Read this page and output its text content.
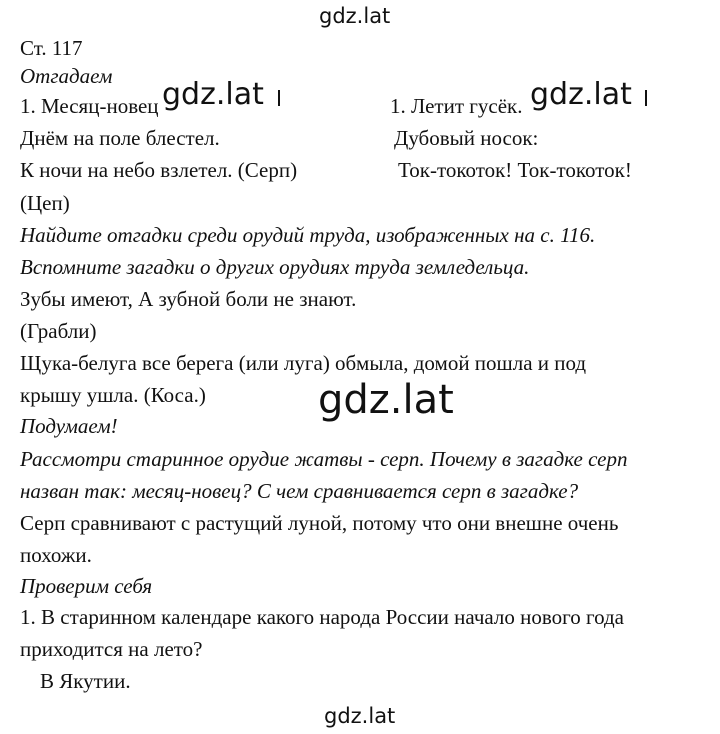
gdz.lat
Ст. 117
Отгадаем
1. Месяц-новец gdz.lat	1. Летит гусёк. gdz.lat
Днём на поле блестел.	Дубовый носок:
К ночи на небо взлетел. (Серп)	Ток-токоток! Ток-токоток!
(Цеп)
Найдите отгадки среди орудий труда, изображенных на с. 116.
Вспомните загадки о других орудиях труда земледельца.
Зубы имеют, А зубной боли не знают.
(Грабли)
Щука-белуга все берега (или луга) обмыла, домой пошла и под
крышу ушла. (Коса.)	gdz.lat
Подумаем!
Рассмотри старинное орудие жатвы - серп. Почему в загадке серп
назван так: месяц-новец? С чем сравнивается серп в загадке?
Серп сравнивают с растущий луной, потому что они внешне очень
похожи.
Проверим себя
1. В старинном календаре какого народа России начало нового года
приходится на лето?
В Якутии.
gdz.lat
